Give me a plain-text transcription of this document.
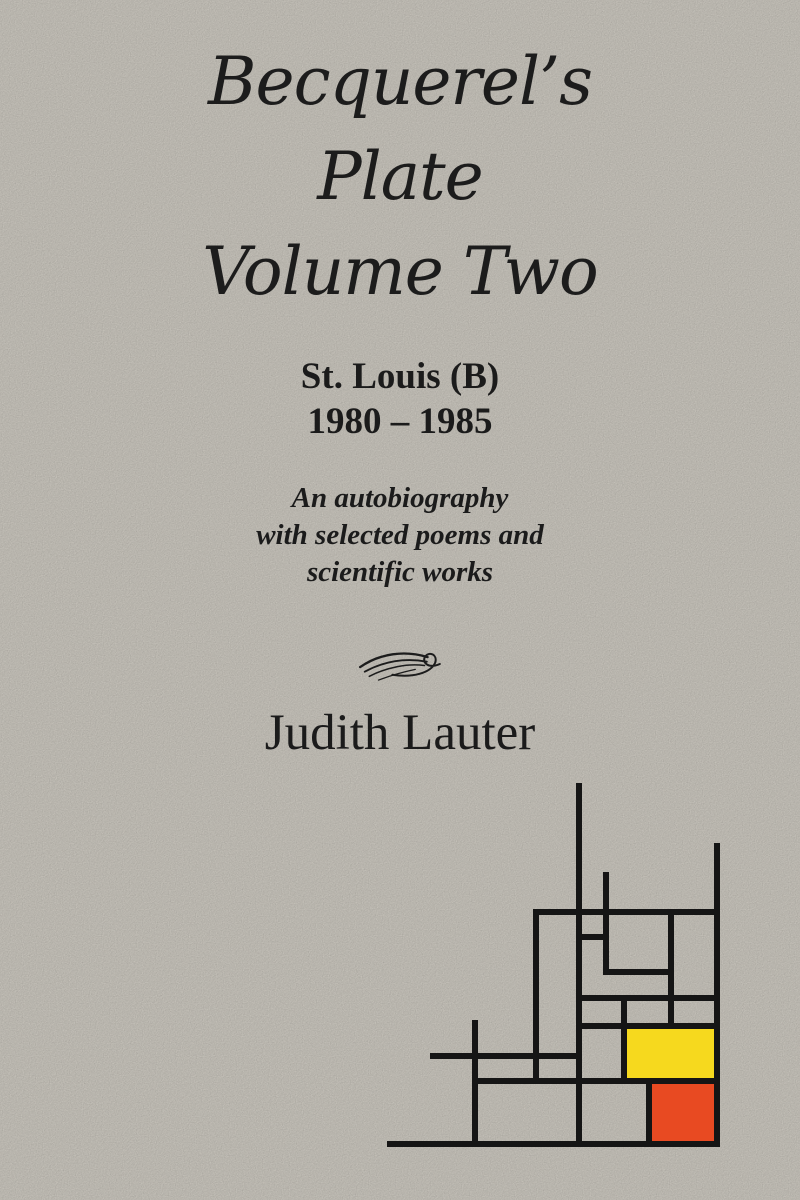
Becquerel’s
Plate
Volume Two
St. Louis (B)
1980 – 1985
An autobiography
with selected poems and
scientific works
Judith Lauter
